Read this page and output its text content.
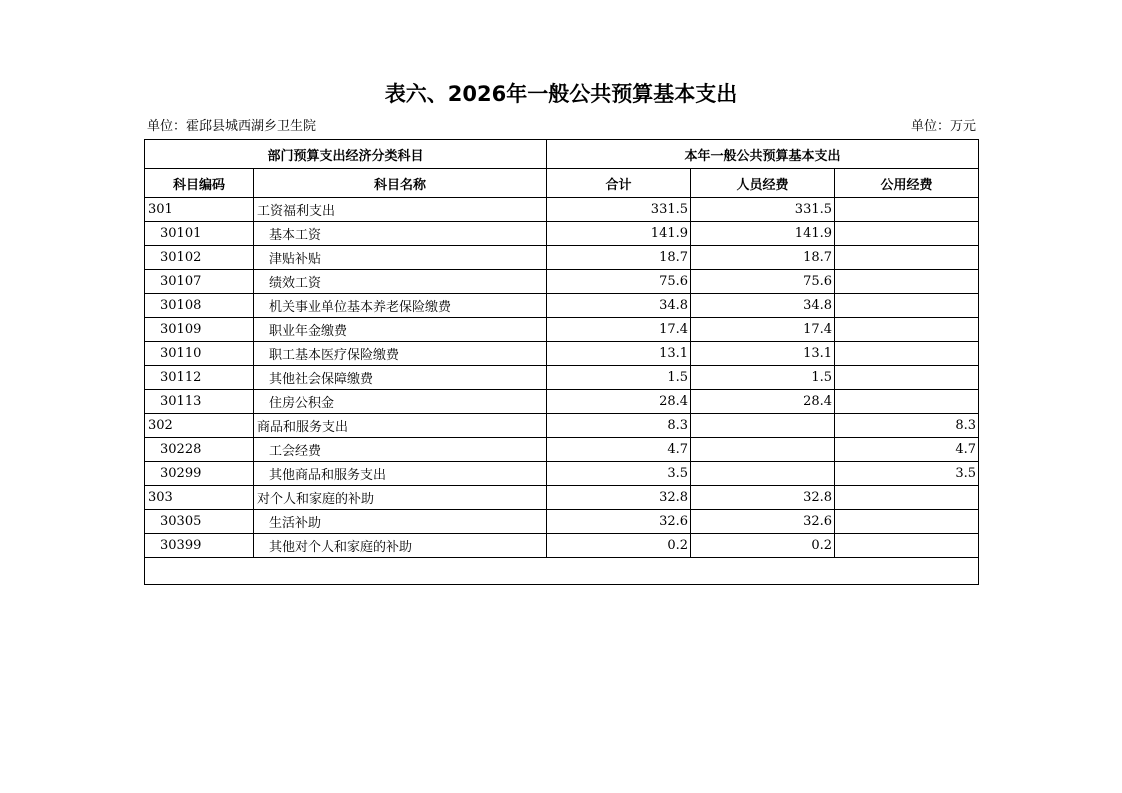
表六、2026年一般公共预算基本支出
单位：霍邱县城西湖乡卫生院	单位：万元
部门预算支出经济分类科目		本年一般公共预算基本支出		
科目编码	科目名称	合计	人员经费	公用经费
301	工资福利支出	331.5	331.5	
30101	基本工资	141.9	141.9	
30102	津贴补贴	18.7	18.7	
30107	绩效工资	75.6	75.6	
30108	机关事业单位基本养老保险缴费	34.8	34.8	
30109	职业年金缴费	17.4	17.4	
30110	职工基本医疗保险缴费	13.1	13.1	
30112	其他社会保障缴费	1.5	1.5	
30113	住房公积金	28.4	28.4	
302	商品和服务支出	8.3		8.3
30228	工会经费	4.7		4.7
30299	其他商品和服务支出	3.5		3.5
303	对个人和家庭的补助	32.8	32.8	
30305	生活补助	32.6	32.6	
30399	其他对个人和家庭的补助	0.2	0.2	
